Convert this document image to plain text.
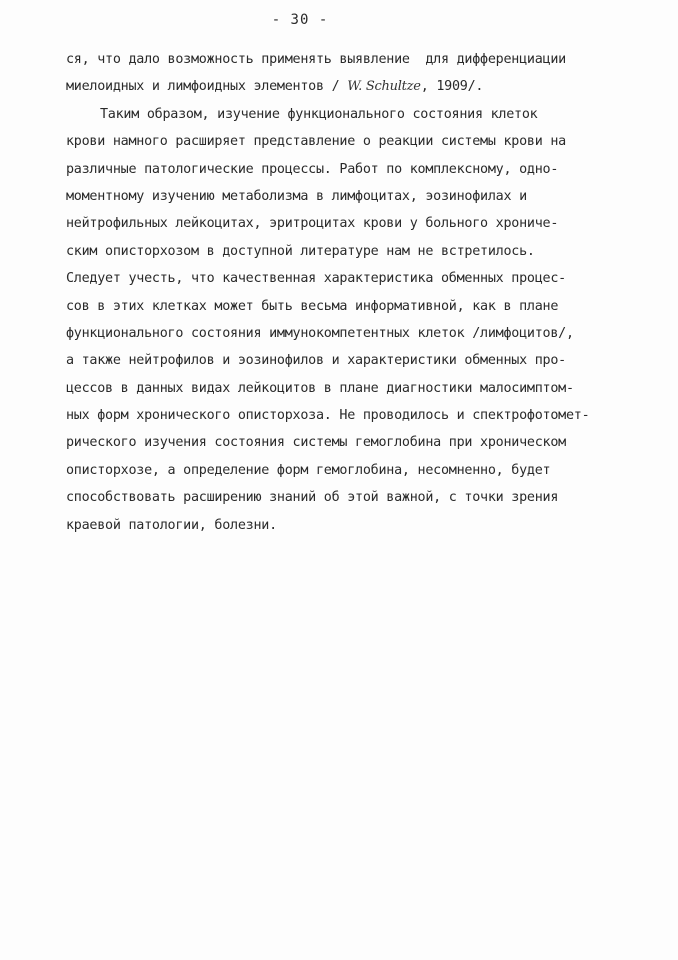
- 30 -
ся, что дало возможность применять выявление  для дифференциации
миелоидных и лимфоидных элементов / W. Schultze, 1909/.
Таким образом, изучение функционального состояния клеток
крови намного расширяет представление о реакции системы крови на
различные патологические процессы. Работ по комплексному, одно-
моментному изучению метаболизма в лимфоцитах, эозинофилах и
нейтрофильных лейкоцитах, эритроцитах крови у больного хрониче-
ским описторхозом в доступной литературе нам не встретилось.
Следует учесть, что качественная характеристика обменных процес-
сов в этих клетках может быть весьма информативной, как в плане
функционального состояния иммунокомпетентных клеток /лимфоцитов/,
а также нейтрофилов и эозинофилов и характеристики обменных про-
цессов в данных видах лейкоцитов в плане диагностики малосимптом-
ных форм хронического описторхоза. Не проводилось и спектрофотомет-
рического изучения состояния системы гемоглобина при хроническом
описторхозе, а определение форм гемоглобина, несомненно, будет
способствовать расширению знаний об этой важной, с точки зрения
краевой патологии, болезни.
